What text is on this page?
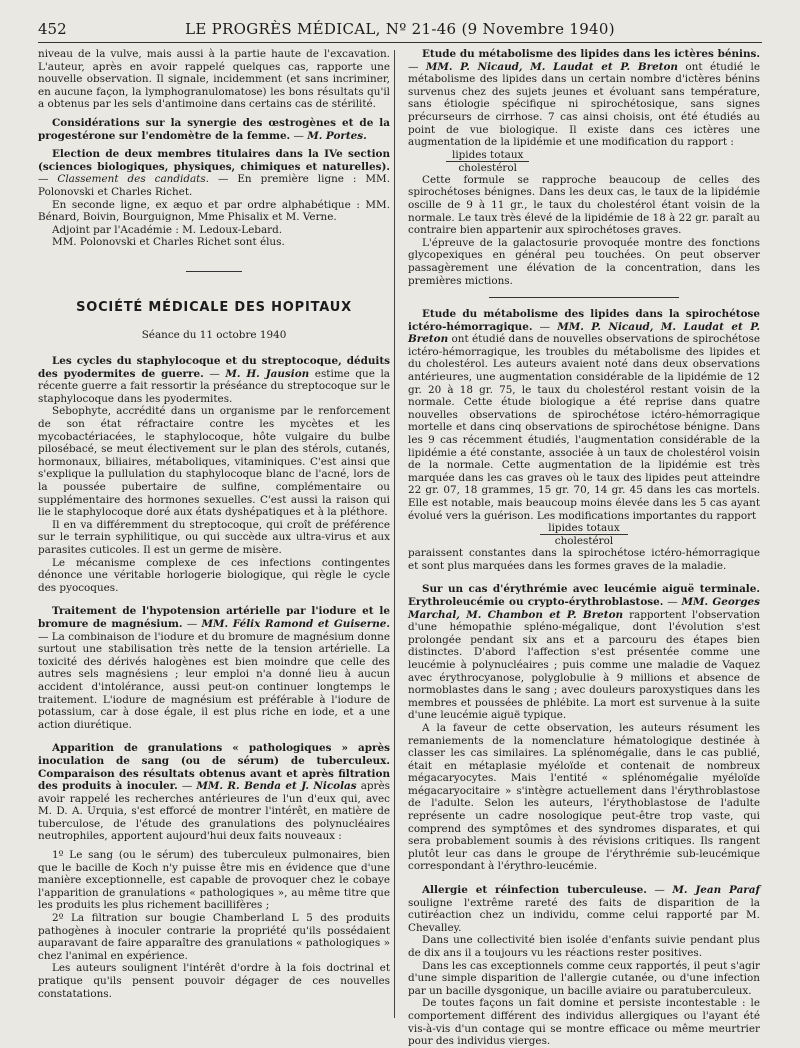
452	LE PROGRÈS MÉDICAL, Nº 21-46 (9 Novembre 1940)

niveau de la vulve, mais aussi à la partie haute de l'excavation. L'auteur, après en avoir rappelé quelques cas, rapporte une nouvelle observation. Il signale, incidemment (et sans incriminer, en aucune façon, la lymphogranulomatose) les bons résultats qu'il a obtenus par les sels d'antimoine dans certains cas de stérilité.

Considérations sur la synergie des œstrogènes et de la progestérone sur l'endomètre de la femme. — M. Portes.

Election de deux membres titulaires dans la IVe section (sciences biologiques, physiques, chimiques et naturelles). — Classement des candidats. — En première ligne : MM. Polonovski et Charles Richet.

En seconde ligne, ex æquo et par ordre alphabétique : MM. Bénard, Boivin, Bourguignon, Mme Phisalix et M. Verne.

Adjoint par l'Académie : M. Ledoux-Lebard.

MM. Polonovski et Charles Richet sont élus.

SOCIÉTÉ MÉDICALE DES HOPITAUX
Séance du 11 octobre 1940

Les cycles du staphylocoque et du streptocoque, déduits des pyodermites de guerre. — M. H. Jausion estime que la récente guerre a fait ressortir la préséance du streptocoque sur le staphylocoque dans les pyodermites.

Sebophyte, accrédité dans un organisme par le renforcement de son état réfractaire contre les mycètes et les mycobactériacées, le staphylocoque, hôte vulgaire du bulbe pilosébacé, se meut électivement sur le plan des stérols, cutanés, hormonaux, biliaires, métaboliques, vitaminiques. C'est ainsi que s'explique la pullulation du staphylocoque blanc de l'acné, lors de la poussée pubertaire de sulfine, complémentaire ou supplémentaire des hormones sexuelles. C'est aussi la raison qui lie le staphylocoque doré aux états dyshépatiques et à la pléthore.

Il en va différemment du streptocoque, qui croît de préférence sur le terrain syphilitique, ou qui succède aux ultra-virus et aux parasites cuticoles. Il est un germe de misère.

Le mécanisme complexe de ces infections contingentes dénonce une véritable horlogerie biologique, qui règle le cycle des pyocoques.

Traitement de l'hypotension artérielle par l'iodure et le bromure de magnésium. — MM. Félix Ramond et Guiserne. — La combinaison de l'iodure et du bromure de magnésium donne surtout une stabilisation très nette de la tension artérielle. La toxicité des dérivés halogènes est bien moindre que celle des autres sels magnésiens ; leur emploi n'a donné lieu à aucun accident d'intolérance, aussi peut-on continuer longtemps le traitement. L'iodure de magnésium est préférable à l'iodure de potassium, car à dose égale, il est plus riche en iode, et a une action diurétique.

Apparition de granulations « pathologiques » après inoculation de sang (ou de sérum) de tuberculeux. Comparaison des résultats obtenus avant et après filtration des produits à inoculer. — MM. R. Benda et J. Nicolas après avoir rappelé les recherches antérieures de l'un d'eux qui, avec M. D. A. Urquia, s'est efforcé de montrer l'intérêt, en matière de tuberculose, de l'étude des granulations des polynucléaires neutrophiles, apportent aujourd'hui deux faits nouveaux :

1º Le sang (ou le sérum) des tuberculeux pulmonaires, bien que le bacille de Koch n'y puisse être mis en évidence que d'une manière exceptionnelle, est capable de provoquer chez le cobaye l'apparition de granulations « pathologiques », au même titre que les produits les plus richement bacillifères ;

2º La filtration sur bougie Chamberland L 5 des produits pathogènes à inoculer contrarie la propriété qu'ils possédaient auparavant de faire apparaître des granulations « pathologiques » chez l'animal en expérience.

Les auteurs soulignent l'intérêt d'ordre à la fois doctrinal et pratique qu'ils pensent pouvoir dégager de ces nouvelles constatations.

Etude du métabolisme des lipides dans les ictères bénins. — MM. P. Nicaud, M. Laudat et P. Breton ont étudié le métabolisme des lipides dans un certain nombre d'ictères bénins survenus chez des sujets jeunes et évoluant sans température, sans étiologie spécifique ni spirochétosique, sans signes précurseurs de cirrhose. 7 cas ainsi choisis, ont été étudiés au point de vue biologique. Il existe dans ces ictères une augmentation de la lipidémie et une modification du rapport :

$\frac{\text{lipides totaux}}{\text{cholestérol}}$

Cette formule se rapproche beaucoup de celles des spirochétoses bénignes. Dans les deux cas, le taux de la lipidémie oscille de 9 à 11 gr., le taux du cholestérol étant voisin de la normale. Le taux très élevé de la lipidémie de 18 à 22 gr. paraît au contraire bien appartenir aux spirochétoses graves.

L'épreuve de la galactosurie provoquée montre des fonctions glycopexiques en général peu touchées. On peut observer passagèrement une élévation de la concentration, dans les premières mictions.

Etude du métabolisme des lipides dans la spirochétose ictéro-hémorragique. — MM. P. Nicaud, M. Laudat et P. Breton ont étudié dans de nouvelles observations de spirochétose ictéro-hémorragique, les troubles du métabolisme des lipides et du cholestérol. Les auteurs avaient noté dans deux observations antérieures, une augmentation considérable de la lipidémie de 12 gr. 20 à 18 gr. 75, le taux du cholestérol restant voisin de la normale. Cette étude biologique a été reprise dans quatre nouvelles observations de spirochétose ictéro-hémorragique mortelle et dans cinq observations de spirochétose bénigne. Dans les 9 cas récemment étudiés, l'augmentation considérable de la lipidémie a été constante, associée à un taux de cholestérol voisin de la normale. Cette augmentation de la lipidémie est très marquée dans les cas graves où le taux des lipides peut atteindre 22 gr. 07, 18 grammes, 15 gr. 70, 14 gr. 45 dans les cas mortels. Elle est notable, mais beaucoup moins élevée dans les 5 cas ayant évolué vers la guérison. Les modifications importantes du rapport

$\frac{\text{lipides totaux}}{\text{cholestérol}}$

paraissent constantes dans la spirochétose ictéro-hémorragique et sont plus marquées dans les formes graves de la maladie.

Sur un cas d'érythrémie avec leucémie aiguë terminale. Erythroleucémie ou crypto-érythroblastose. — MM. Georges Marchal, M. Chambon et P. Breton rapportent l'observation d'une hémopathie spléno-mégalique, dont l'évolution s'est prolongée pendant six ans et a parcouru des étapes bien distinctes. D'abord l'affection s'est présentée comme une leucémie à polynucléaires ; puis comme une maladie de Vaquez avec érythrocyanose, polyglobulie à 9 millions et absence de normoblastes dans le sang ; avec douleurs paroxystiques dans les membres et poussées de phlébite. La mort est survenue à la suite d'une leucémie aiguë typique.

A la faveur de cette observation, les auteurs résument les remaniements de la nomenclature hématologique destinée à classer les cas similaires. La splénomégalie, dans le cas publié, était en métaplasie myéloïde et contenait de nombreux mégacaryocytes. Mais l'entité « splénomégalie myéloïde mégacaryocitaire » s'intègre actuellement dans l'érythroblastose de l'adulte. Selon les auteurs, l'érythoblastose de l'adulte représente un cadre nosologique peut-être trop vaste, qui comprend des symptômes et des syndromes disparates, et qui sera probablement soumis à des révisions critiques. Ils rangent plutôt leur cas dans le groupe de l'érythrémie sub-leucémique correspondant à l'érythro-leucémie.

Allergie et réinfection tuberculeuse. — M. Jean Paraf souligne l'extrême rareté des faits de disparition de la cutiréaction chez un individu, comme celui rapporté par M. Chevalley.

Dans une collectivité bien isolée d'enfants suivie pendant plus de dix ans il a toujours vu les réactions rester positives.

Dans les cas exceptionnels comme ceux rapportés, il peut s'agir d'une simple disparition de l'allergie cutanée, ou d'une infection par un bacille dysgonique, un bacille aviaire ou paratuberculeux.

De toutes façons un fait domine et persiste incontestable : le comportement différent des individus allergiques ou l'ayant été vis-à-vis d'un contage qui se montre efficace ou même meurtrier pour des individus vierges.
